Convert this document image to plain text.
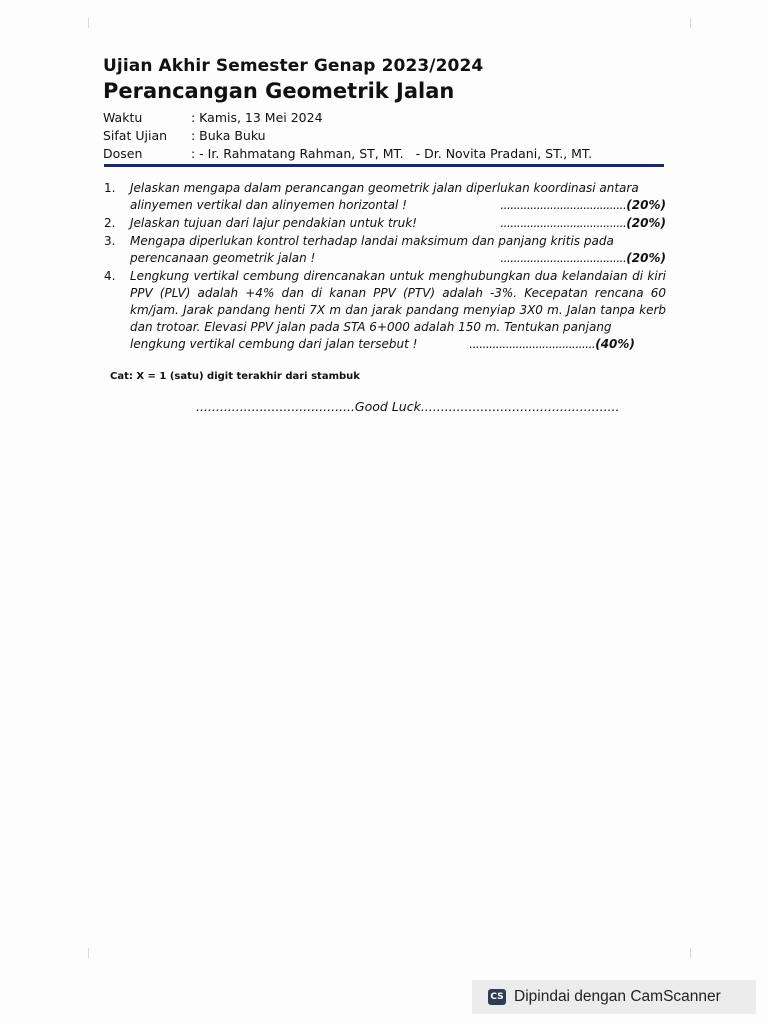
Ujian Akhir Semester Genap 2023/2024
Perancangan Geometrik Jalan
Waktu	: Kamis, 13 Mei 2024
Sifat Ujian : Buka Buku
Dosen	: - Ir. Rahmatang Rahman, ST, MT. - Dr. Novita Pradani, ST., MT.
1.	Jelaskan mengapa dalam perancangan geometrik jalan diperlukan koordinasi antara
alinyemen vertikal dan alinyemen horizontal !	......................................(20%)
2.	Jelaskan tujuan dari lajur pendakian untuk truk!	......................................(20%)
3.	Mengapa diperlukan kontrol terhadap landai maksimum dan panjang kritis pada
perencanaan geometrik jalan !	......................................(20%)
4.	Lengkung vertikal cembung direncanakan untuk menghubungkan dua kelandaian di kiri PPV (PLV) adalah +4% dan di kanan PPV (PTV) adalah -3%. Kecepatan rencana 60 km/jam. Jarak pandang henti 7X m dan jarak pandang menyiap 3X0 m. Jalan tanpa kerb dan trotoar. Elevasi PPV jalan pada STA 6+000 adalah 150 m. Tentukan panjang
lengkung vertikal cembung dari jalan tersebut !	......................................(40%)
Cat: X = 1 (satu) digit terakhir dari stambuk
........................................Good Luck..................................................
CS Dipindai dengan CamScanner
